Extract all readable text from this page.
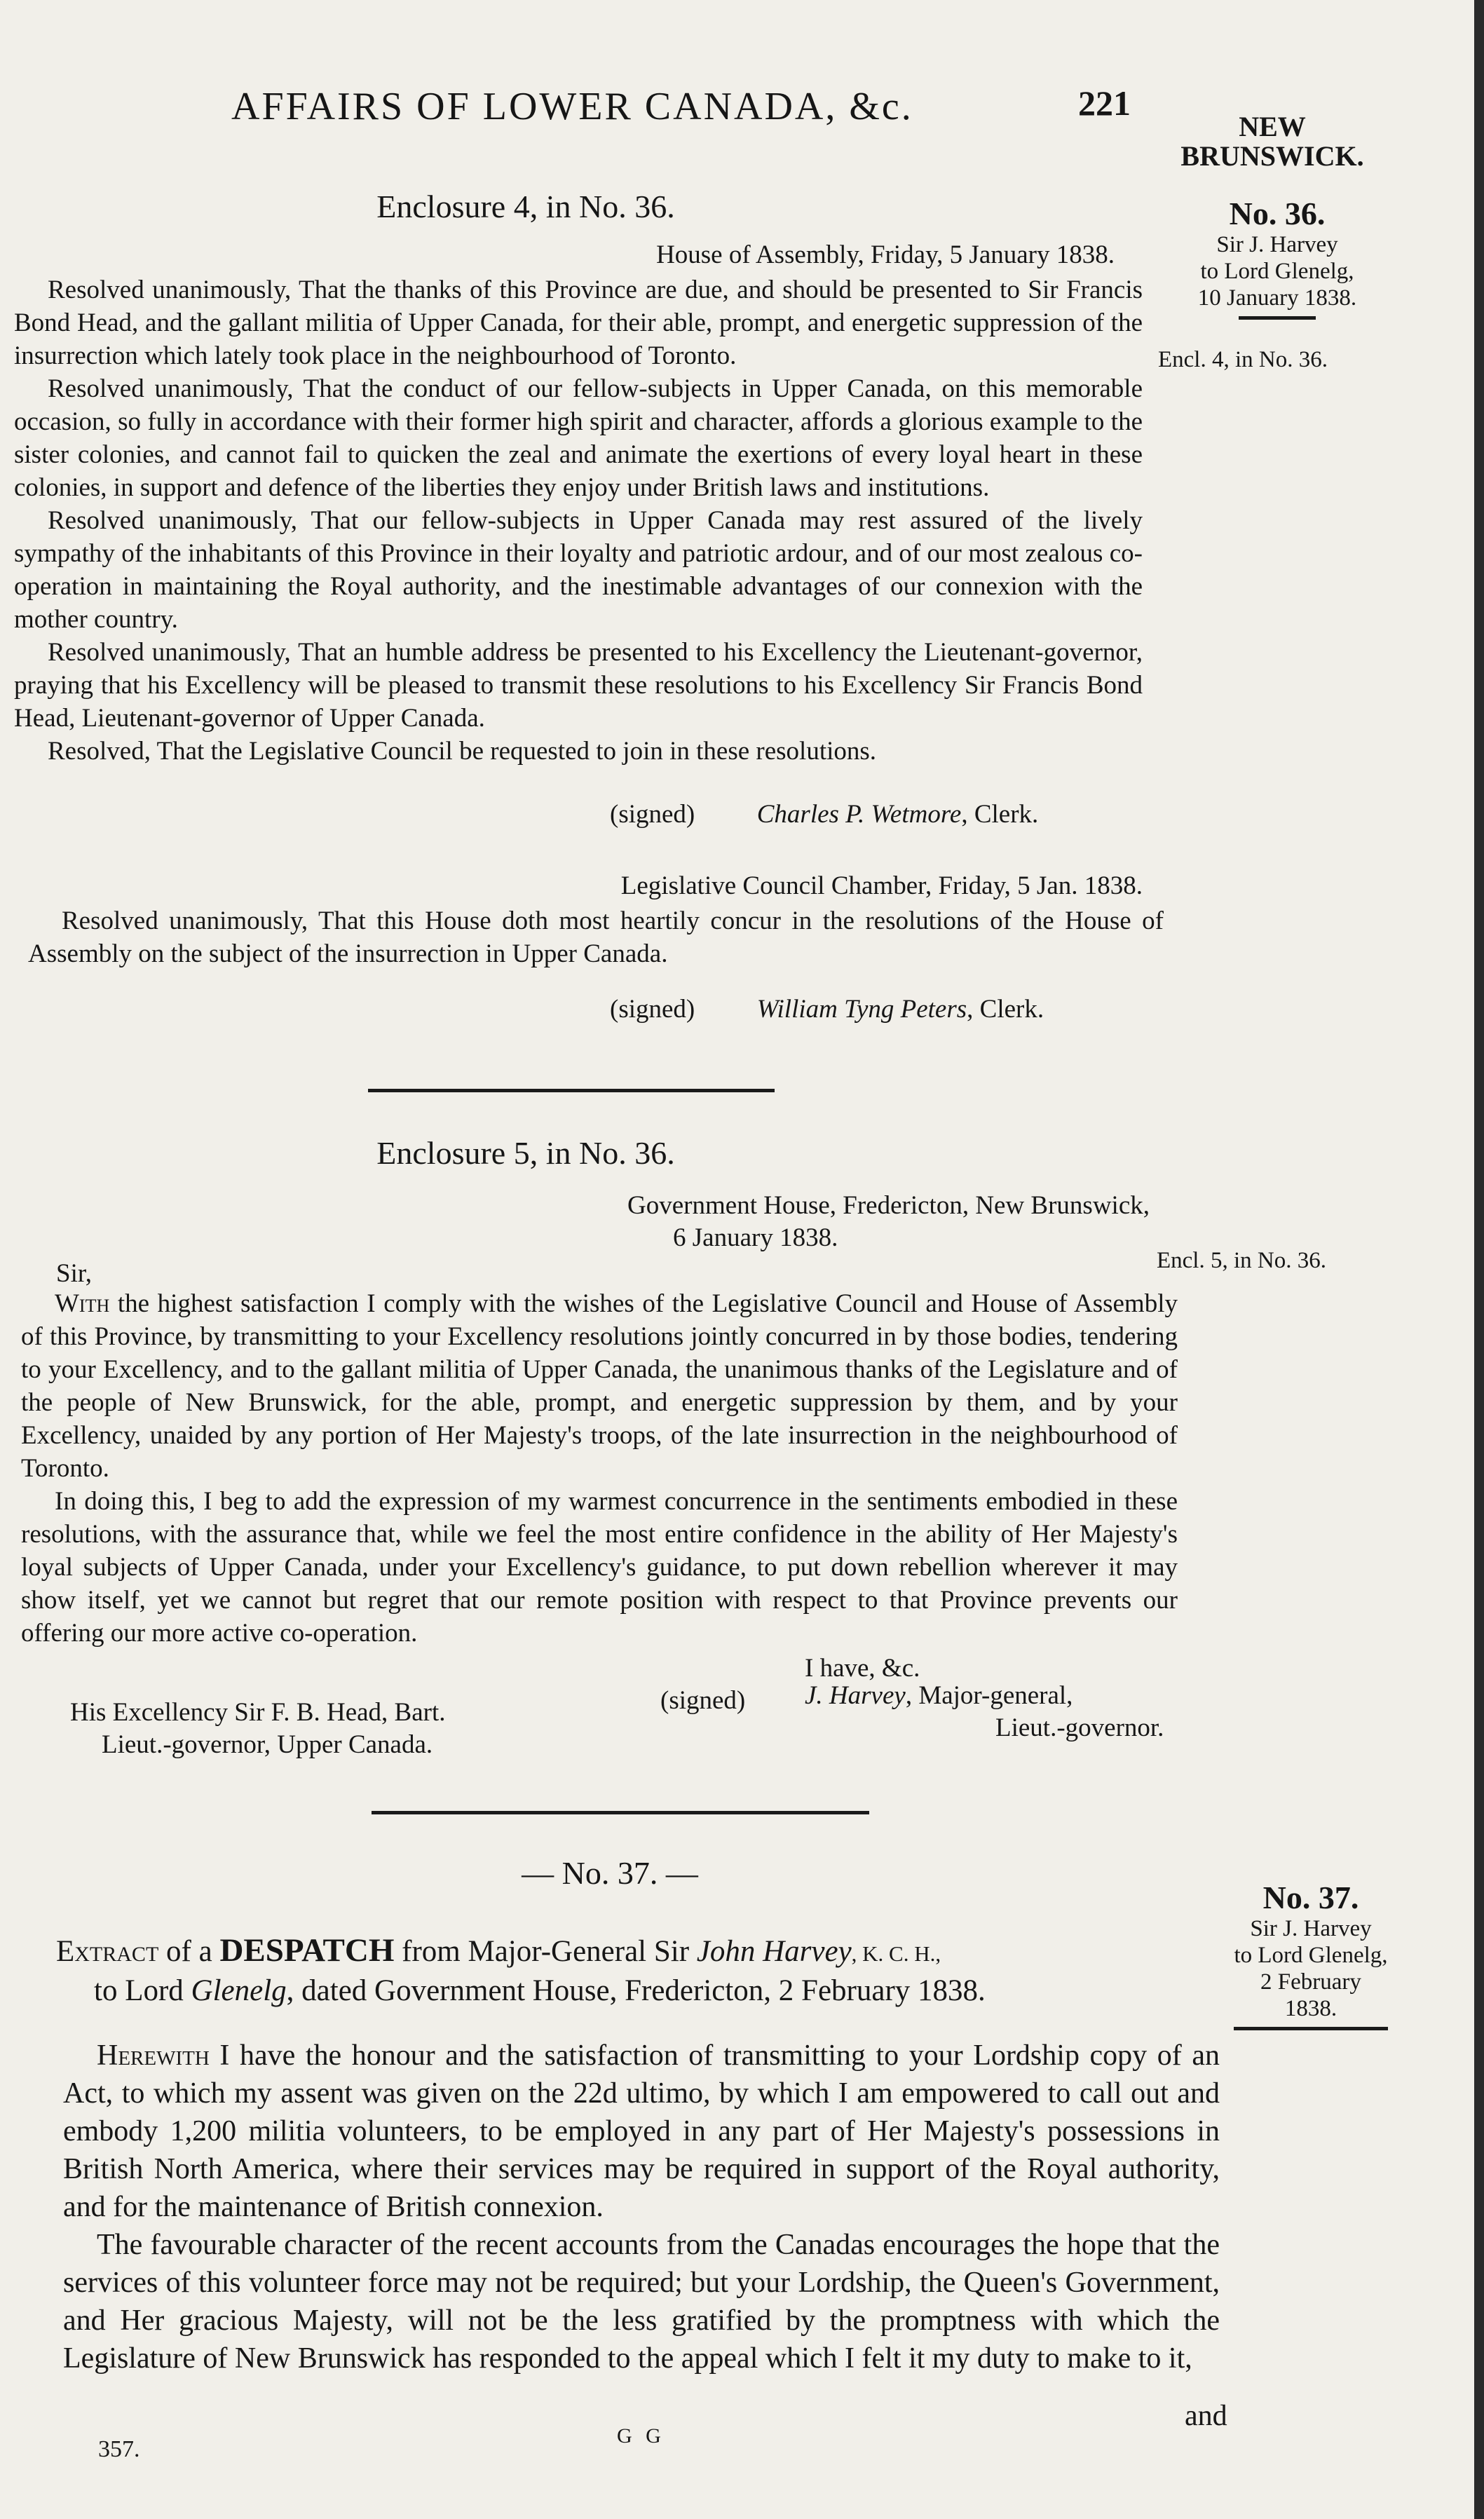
AFFAIRS OF LOWER CANADA, &c.	221
NEW BRUNSWICK.
No. 36.
Sir J. Harvey
to Lord Glenelg,
10 January 1838.
Encl. 4, in No. 36.
Enclosure 4, in No. 36.
House of Assembly, Friday, 5 January 1838.
Resolved unanimously, That the thanks of this Province are due, and should be presented to Sir Francis Bond Head, and the gallant militia of Upper Canada, for their able, prompt, and energetic suppression of the insurrection which lately took place in the neighbourhood of Toronto.
Resolved unanimously, That the conduct of our fellow-subjects in Upper Canada, on this memorable occasion, so fully in accordance with their former high spirit and character, affords a glorious example to the sister colonies, and cannot fail to quicken the zeal and animate the exertions of every loyal heart in these colonies, in support and defence of the liberties they enjoy under British laws and institutions.
Resolved unanimously, That our fellow-subjects in Upper Canada may rest assured of the lively sympathy of the inhabitants of this Province in their loyalty and patriotic ardour, and of our most zealous co-operation in maintaining the Royal authority, and the inestimable advantages of our connexion with the mother country.
Resolved unanimously, That an humble address be presented to his Excellency the Lieutenant-governor, praying that his Excellency will be pleased to transmit these resolutions to his Excellency Sir Francis Bond Head, Lieutenant-governor of Upper Canada.
Resolved, That the Legislative Council be requested to join in these resolutions.
(signed) Charles P. Wetmore, Clerk.
Legislative Council Chamber, Friday, 5 Jan. 1838.
Resolved unanimously, That this House doth most heartily concur in the resolutions of the House of Assembly on the subject of the insurrection in Upper Canada.
(signed) William Tyng Peters, Clerk.
Enclosure 5, in No. 36.
Government House, Fredericton, New Brunswick,
6 January 1838.
Encl. 5, in No. 36.
Sir,
With the highest satisfaction I comply with the wishes of the Legislative Council and House of Assembly of this Province, by transmitting to your Excellency resolutions jointly concurred in by those bodies, tendering to your Excellency, and to the gallant militia of Upper Canada, the unanimous thanks of the Legislature and of the people of New Brunswick, for the able, prompt, and energetic suppression by them, and by your Excellency, unaided by any portion of Her Majesty's troops, of the late insurrection in the neighbourhood of Toronto.
In doing this, I beg to add the expression of my warmest concurrence in the sentiments embodied in these resolutions, with the assurance that, while we feel the most entire confidence in the ability of Her Majesty's loyal subjects of Upper Canada, under your Excellency's guidance, to put down rebellion wherever it may show itself, yet we cannot but regret that our remote position with respect to that Province prevents our offering our more active co-operation.
I have, &c.
His Excellency Sir F. B. Head, Bart.
Lieut.-governor, Upper Canada.
(signed) J. Harvey, Major-general,
Lieut.-governor.
— No. 37. —
No. 37.
Sir J. Harvey
to Lord Glenelg,
2 February 1838.
Extract of a DESPATCH from Major-General Sir John Harvey, K. C. H.,
to Lord Glenelg, dated Government House, Fredericton, 2 February 1838.
Herewith I have the honour and the satisfaction of transmitting to your Lordship copy of an Act, to which my assent was given on the 22d ultimo, by which I am empowered to call out and embody 1,200 militia volunteers, to be employed in any part of Her Majesty's possessions in British North America, where their services may be required in support of the Royal authority, and for the maintenance of British connexion.
The favourable character of the recent accounts from the Canadas encourages the hope that the services of this volunteer force may not be required; but your Lordship, the Queen's Government, and Her gracious Majesty, will not be the less gratified by the promptness with which the Legislature of New Brunswick has responded to the appeal which I felt it my duty to make to it,
and
357.
G G
